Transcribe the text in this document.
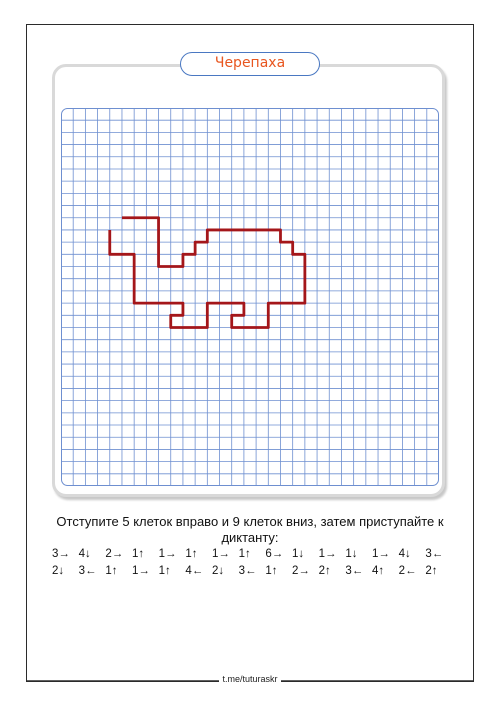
Черепаха
Отступите 5 клеток вправо и 9 клеток вниз, затем приступайте к диктанту:
3→ 4↓ 2→ 1↑ 1→ 1↑ 1→ 1↑ 6→ 1↓ 1→ 1↓ 1→ 4↓ 3←
2↓ 3← 1↑ 1→ 1↑ 4← 2↓ 3← 1↑ 2→ 2↑ 3← 4↑ 2← 2↑
t.me/tuturaskr
